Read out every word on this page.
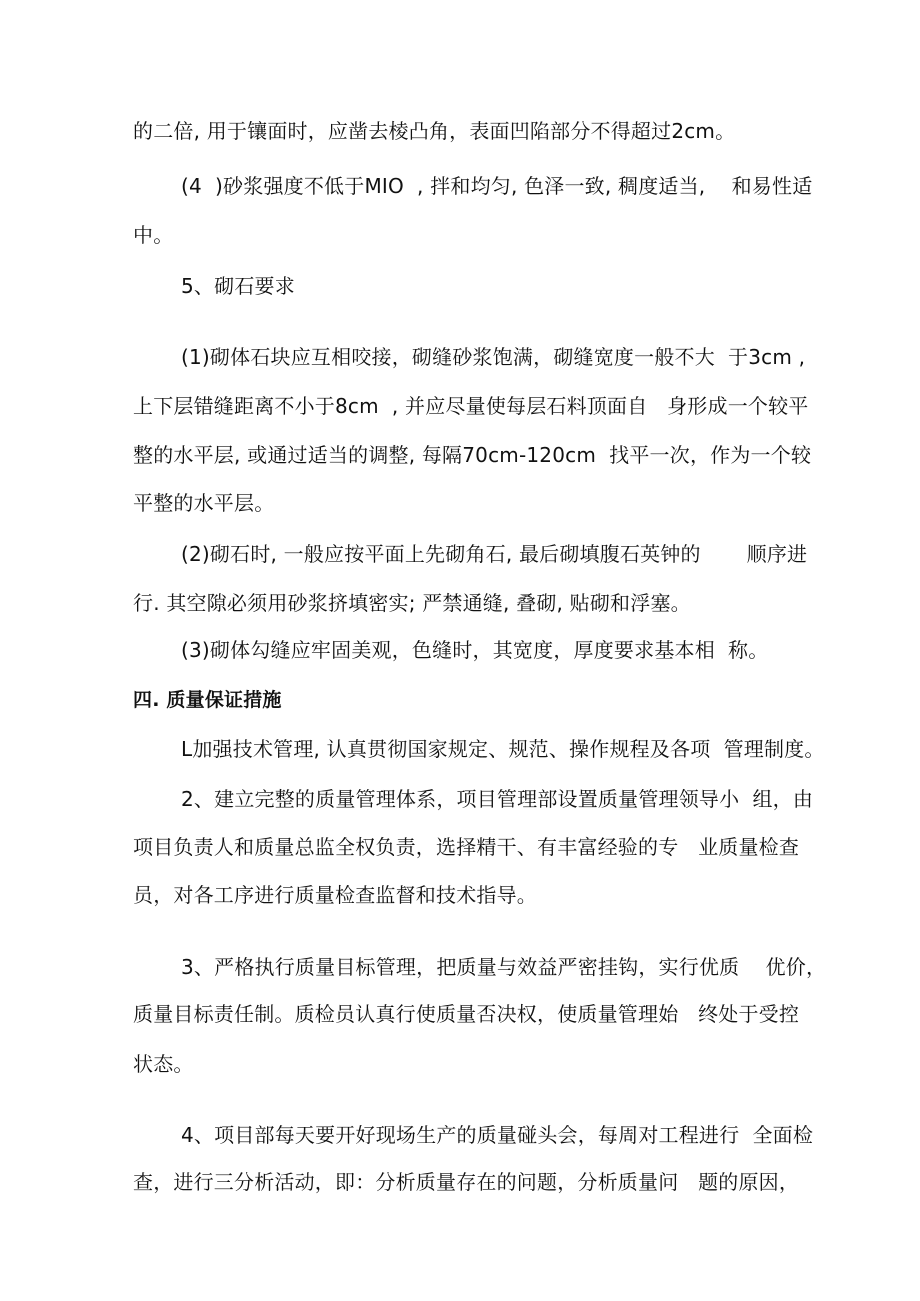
的二倍, 用于镶面时，应凿去棱凸角，表面凹陷部分不得超过2cm。
(4  )砂浆强度不低于MIO  , 拌和均匀, 色泽一致, 稠度适当,    和易性适
中。
5、砌石要求
(1)砌体石块应互相咬接，砌缝砂浆饱满，砌缝宽度一般不大  于3cm ,
上下层错缝距离不小于8cm  , 并应尽量使每层石料顶面自   身形成一个较平
整的水平层, 或通过适当的调整, 每隔70cm-120cm  找平一次，作为一个较
平整的水平层。
(2)砌石时, 一般应按平面上先砌角石, 最后砌填腹石英钟的       顺序进
行. 其空隙必须用砂浆挤填密实; 严禁通缝, 叠砌, 贴砌和浮塞。
(3)砌体勾缝应牢固美观，色缝时，其宽度，厚度要求基本相  称。
四. 质量保证措施
L加强技术管理, 认真贯彻国家规定、规范、操作规程及各项  管理制度。
2、建立完整的质量管理体系，项目管理部设置质量管理领导小  组，由
项目负责人和质量总监全权负责，选择精干、有丰富经验的专   业质量检查
员，对各工序进行质量检查监督和技术指导。
3、严格执行质量目标管理，把质量与效益严密挂钩，实行优质    优价，
质量目标责任制。质检员认真行使质量否决权，使质量管理始   终处于受控
状态。
4、项目部每天要开好现场生产的质量碰头会，每周对工程进行  全面检
查，进行三分析活动，即：分析质量存在的问题，分析质量问   题的原因，
